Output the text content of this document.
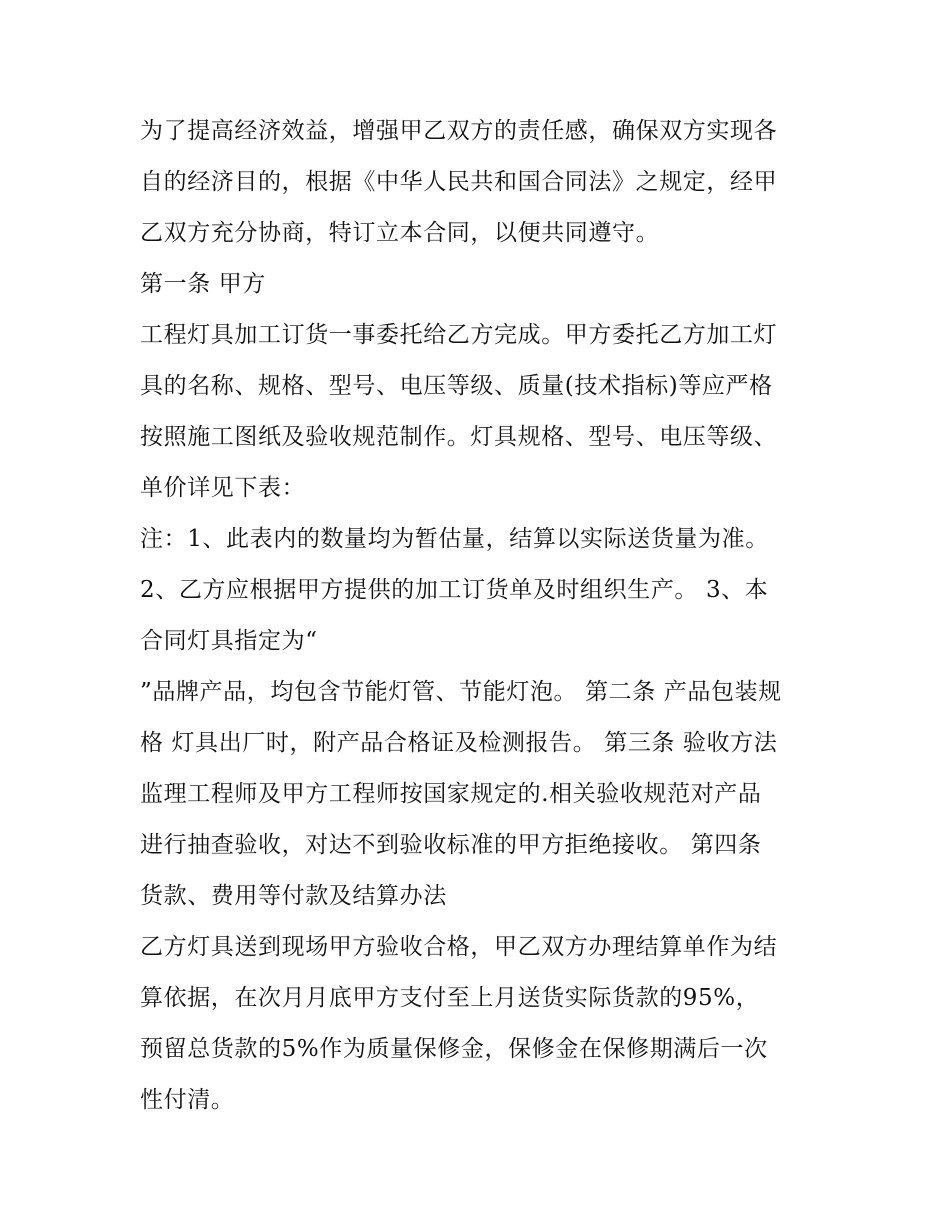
为了提高经济效益，增强甲乙双方的责任感，确保双方实现各
自的经济目的，根据《中华人民共和国合同法》之规定，经甲
乙双方充分协商，特订立本合同，以便共同遵守。
第一条 甲方
工程灯具加工订货一事委托给乙方完成。甲方委托乙方加工灯
具的名称、规格、型号、电压等级、质量(技术指标)等应严格
按照施工图纸及验收规范制作。灯具规格、型号、电压等级、
单价详见下表：
注：1、此表内的数量均为暂估量，结算以实际送货量为准。
2、乙方应根据甲方提供的加工订货单及时组织生产。 3、本
合同灯具指定为“
”品牌产品，均包含节能灯管、节能灯泡。 第二条 产品包装规
格 灯具出厂时，附产品合格证及检测报告。 第三条 验收方法
监理工程师及甲方工程师按国家规定的.相关验收规范对产品
进行抽查验收，对达不到验收标准的甲方拒绝接收。 第四条
货款、费用等付款及结算办法
乙方灯具送到现场甲方验收合格，甲乙双方办理结算单作为结
算依据，在次月月底甲方支付至上月送货实际货款的95%，
预留总货款的5%作为质量保修金，保修金在保修期满后一次
性付清。
